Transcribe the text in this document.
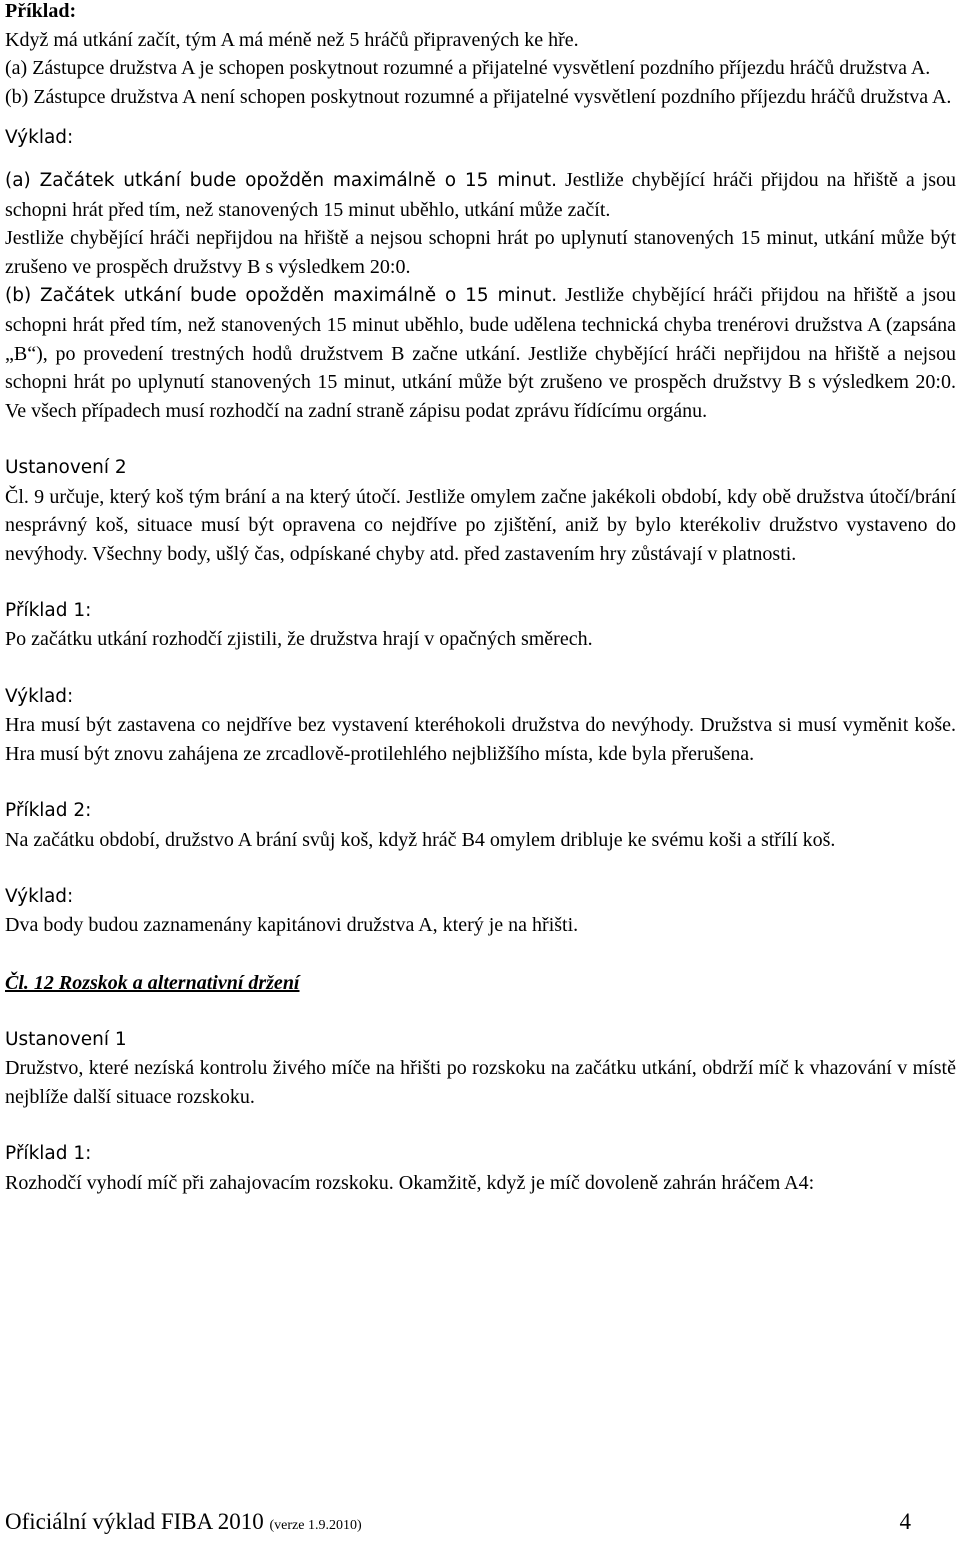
Příklad:

Když má utkání začít, tým A má méně než 5 hráčů připravených ke hře.

(a) Zástupce družstva A je schopen poskytnout rozumné a přijatelné vysvětlení pozdního příjezdu hráčů družstva A.

(b) Zástupce družstva A není schopen poskytnout rozumné a přijatelné vysvětlení pozdního příjezdu hráčů družstva A.

Výklad:

(a) Začátek utkání bude opožděn maximálně o 15 minut. Jestliže chybějící hráči přijdou na hřiště a jsou schopni hrát před tím, než stanovených 15 minut uběhlo, utkání může začít.

Jestliže chybějící hráči nepřijdou na hřiště a nejsou schopni hrát po uplynutí stanovených 15 minut, utkání může být zrušeno ve prospěch družstvy B s výsledkem 20:0.

(b) Začátek utkání bude opožděn maximálně o 15 minut. Jestliže chybějící hráči přijdou na hřiště a jsou schopni hrát před tím, než stanovených 15 minut uběhlo, bude udělena technická chyba trenérovi družstva A (zapsána „B“), po provedení trestných hodů družstvem B začne utkání. Jestliže chybějící hráči nepřijdou na hřiště a nejsou schopni hrát po uplynutí stanovených 15 minut, utkání může být zrušeno ve prospěch družstvy B s výsledkem 20:0. Ve všech případech musí rozhodčí na zadní straně zápisu podat zprávu řídícímu orgánu.

Ustanovení 2

Čl. 9 určuje, který koš tým brání a na který útočí. Jestliže omylem začne jakékoli období, kdy obě družstva útočí/brání nesprávný koš, situace musí být opravena co nejdříve po zjištění, aniž by bylo kterékoliv družstvo vystaveno do nevýhody. Všechny body, ušlý čas, odpískané chyby atd. před zastavením hry zůstávají v platnosti.

Příklad 1:

Po začátku utkání rozhodčí zjistili, že družstva hrají v opačných směrech.

Výklad:

Hra musí být zastavena co nejdříve bez vystavení kteréhokoli družstva do nevýhody. Družstva si musí vyměnit koše. Hra musí být znovu zahájena ze zrcadlově-protilehlého nejbližšího místa, kde byla přerušena.

Příklad 2:

Na začátku období, družstvo A brání svůj koš, když hráč B4 omylem dribluje ke svému koši a střílí koš.

Výklad:

Dva body budou zaznamenány kapitánovi družstva A, který je na hřišti.

Čl. 12 Rozskok a alternativní držení

Ustanovení 1

Družstvo, které nezíská kontrolu živého míče na hřišti po rozskoku na začátku utkání, obdrží míč k vhazování v místě nejblíže další situace rozskoku.

Příklad 1:

Rozhodčí vyhodí míč při zahajovacím rozskoku. Okamžitě, když je míč dovoleně zahrán hráčem A4:

Oficiální výklad FIBA 2010 (verze 1.9.2010)	4
